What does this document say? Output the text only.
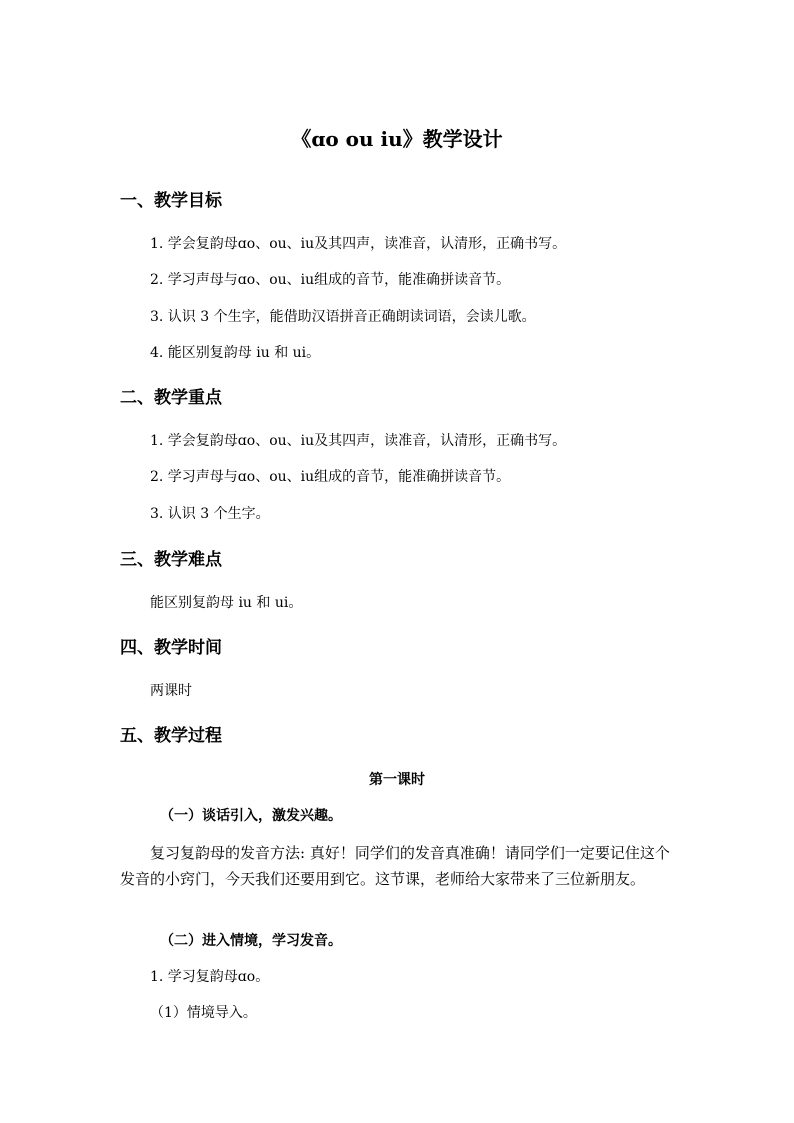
《ɑo ou iu》教学设计
一、教学目标
1. 学会复韵母ɑo、ou、iu及其四声，读准音，认清形，正确书写。
2. 学习声母与ɑo、ou、iu组成的音节，能准确拼读音节。
3. 认识 3 个生字，能借助汉语拼音正确朗读词语，会读儿歌。
4. 能区别复韵母 iu 和 ui。
二、教学重点
1. 学会复韵母ɑo、ou、iu及其四声，读准音，认清形，正确书写。
2. 学习声母与ɑo、ou、iu组成的音节，能准确拼读音节。
3. 认识 3 个生字。
三、教学难点
能区别复韵母 iu 和 ui。
四、教学时间
两课时
五、教学过程
第一课时
（一）谈话引入，激发兴趣。
复习复韵母的发音方法: 真好！同学们的发音真准确！请同学们一定要记住这个发音的小窍门，今天我们还要用到它。这节课，老师给大家带来了三位新朋友。
（二）进入情境，学习发音。
1. 学习复韵母ɑo。
（1）情境导入。
